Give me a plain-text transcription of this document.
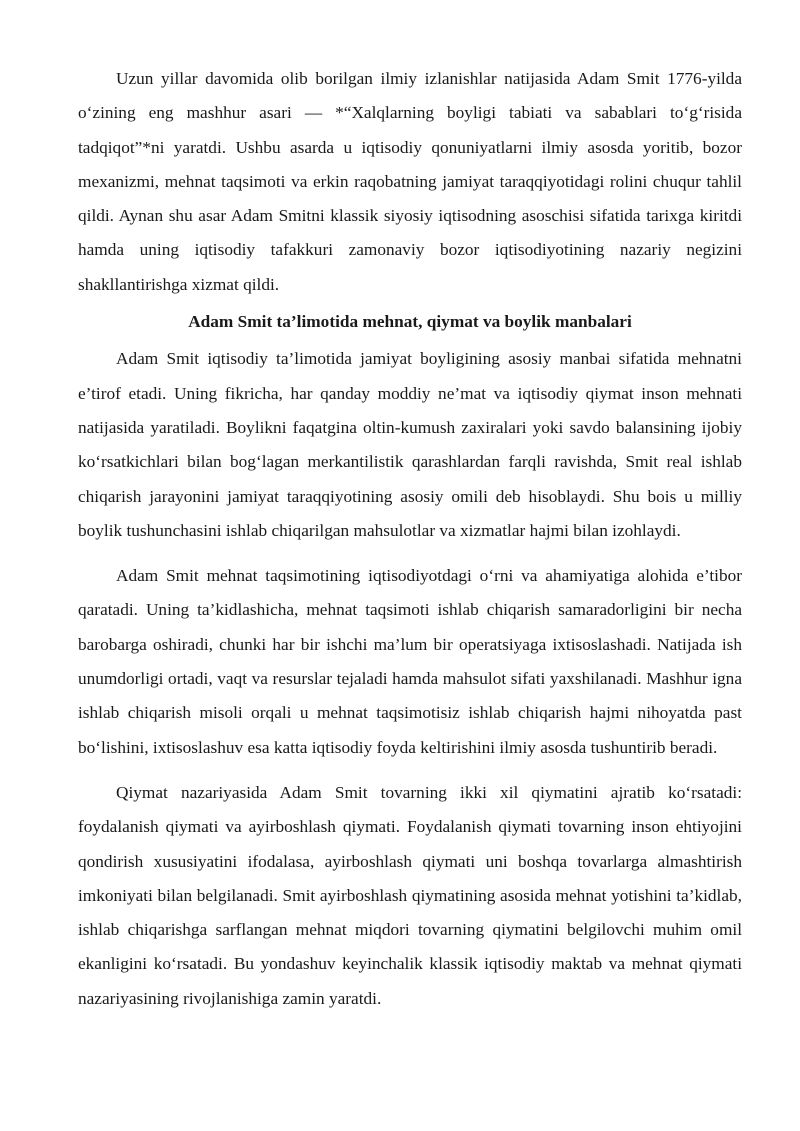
Uzun yillar davomida olib borilgan ilmiy izlanishlar natijasida Adam Smit 1776-yilda o‘zining eng mashhur asari — *“Xalqlarning boyligi tabiati va sabablari to‘g‘risida tadqiqot”*ni yaratdi. Ushbu asarda u iqtisodiy qonuniyatlarni ilmiy asosda yoritib, bozor mexanizmi, mehnat taqsimoti va erkin raqobatning jamiyat taraqqiyotidagi rolini chuqur tahlil qildi. Aynan shu asar Adam Smitni klassik siyosiy iqtisodning asoschisi sifatida tarixga kiritdi hamda uning iqtisodiy tafakkuri zamonaviy bozor iqtisodiyotining nazariy negizini shakllantirishga xizmat qildi.

Adam Smit ta’limotida mehnat, qiymat va boylik manbalari

Adam Smit iqtisodiy ta’limotida jamiyat boyligining asosiy manbai sifatida mehnatni e’tirof etadi. Uning fikricha, har qanday moddiy ne’mat va iqtisodiy qiymat inson mehnati natijasida yaratiladi. Boylikni faqatgina oltin-kumush zaxiralari yoki savdo balansining ijobiy ko‘rsatkichlari bilan bog‘lagan merkantilistik qarashlardan farqli ravishda, Smit real ishlab chiqarish jarayonini jamiyat taraqqiyotining asosiy omili deb hisoblaydi. Shu bois u milliy boylik tushunchasini ishlab chiqarilgan mahsulotlar va xizmatlar hajmi bilan izohlaydi.

Adam Smit mehnat taqsimotining iqtisodiyotdagi o‘rni va ahamiyatiga alohida e’tibor qaratadi. Uning ta’kidlashicha, mehnat taqsimoti ishlab chiqarish samaradorligini bir necha barobarga oshiradi, chunki har bir ishchi ma’lum bir operatsiyaga ixtisoslashadi. Natijada ish unumdorligi ortadi, vaqt va resurslar tejaladi hamda mahsulot sifati yaxshilanadi. Mashhur igna ishlab chiqarish misoli orqali u mehnat taqsimotisiz ishlab chiqarish hajmi nihoyatda past bo‘lishini, ixtisoslashuv esa katta iqtisodiy foyda keltirishini ilmiy asosda tushuntirib beradi.

Qiymat nazariyasida Adam Smit tovarning ikki xil qiymatini ajratib ko‘rsatadi: foydalanish qiymati va ayirboshlash qiymati. Foydalanish qiymati tovarning inson ehtiyojini qondirish xususiyatini ifodalasa, ayirboshlash qiymati uni boshqa tovarlarga almashtirish imkoniyati bilan belgilanadi. Smit ayirboshlash qiymatining asosida mehnat yotishini ta’kidlab, ishlab chiqarishga sarflangan mehnat miqdori tovarning qiymatini belgilovchi muhim omil ekanligini ko‘rsatadi. Bu yondashuv keyinchalik klassik iqtisodiy maktab va mehnat qiymati nazariyasining rivojlanishiga zamin yaratdi.
